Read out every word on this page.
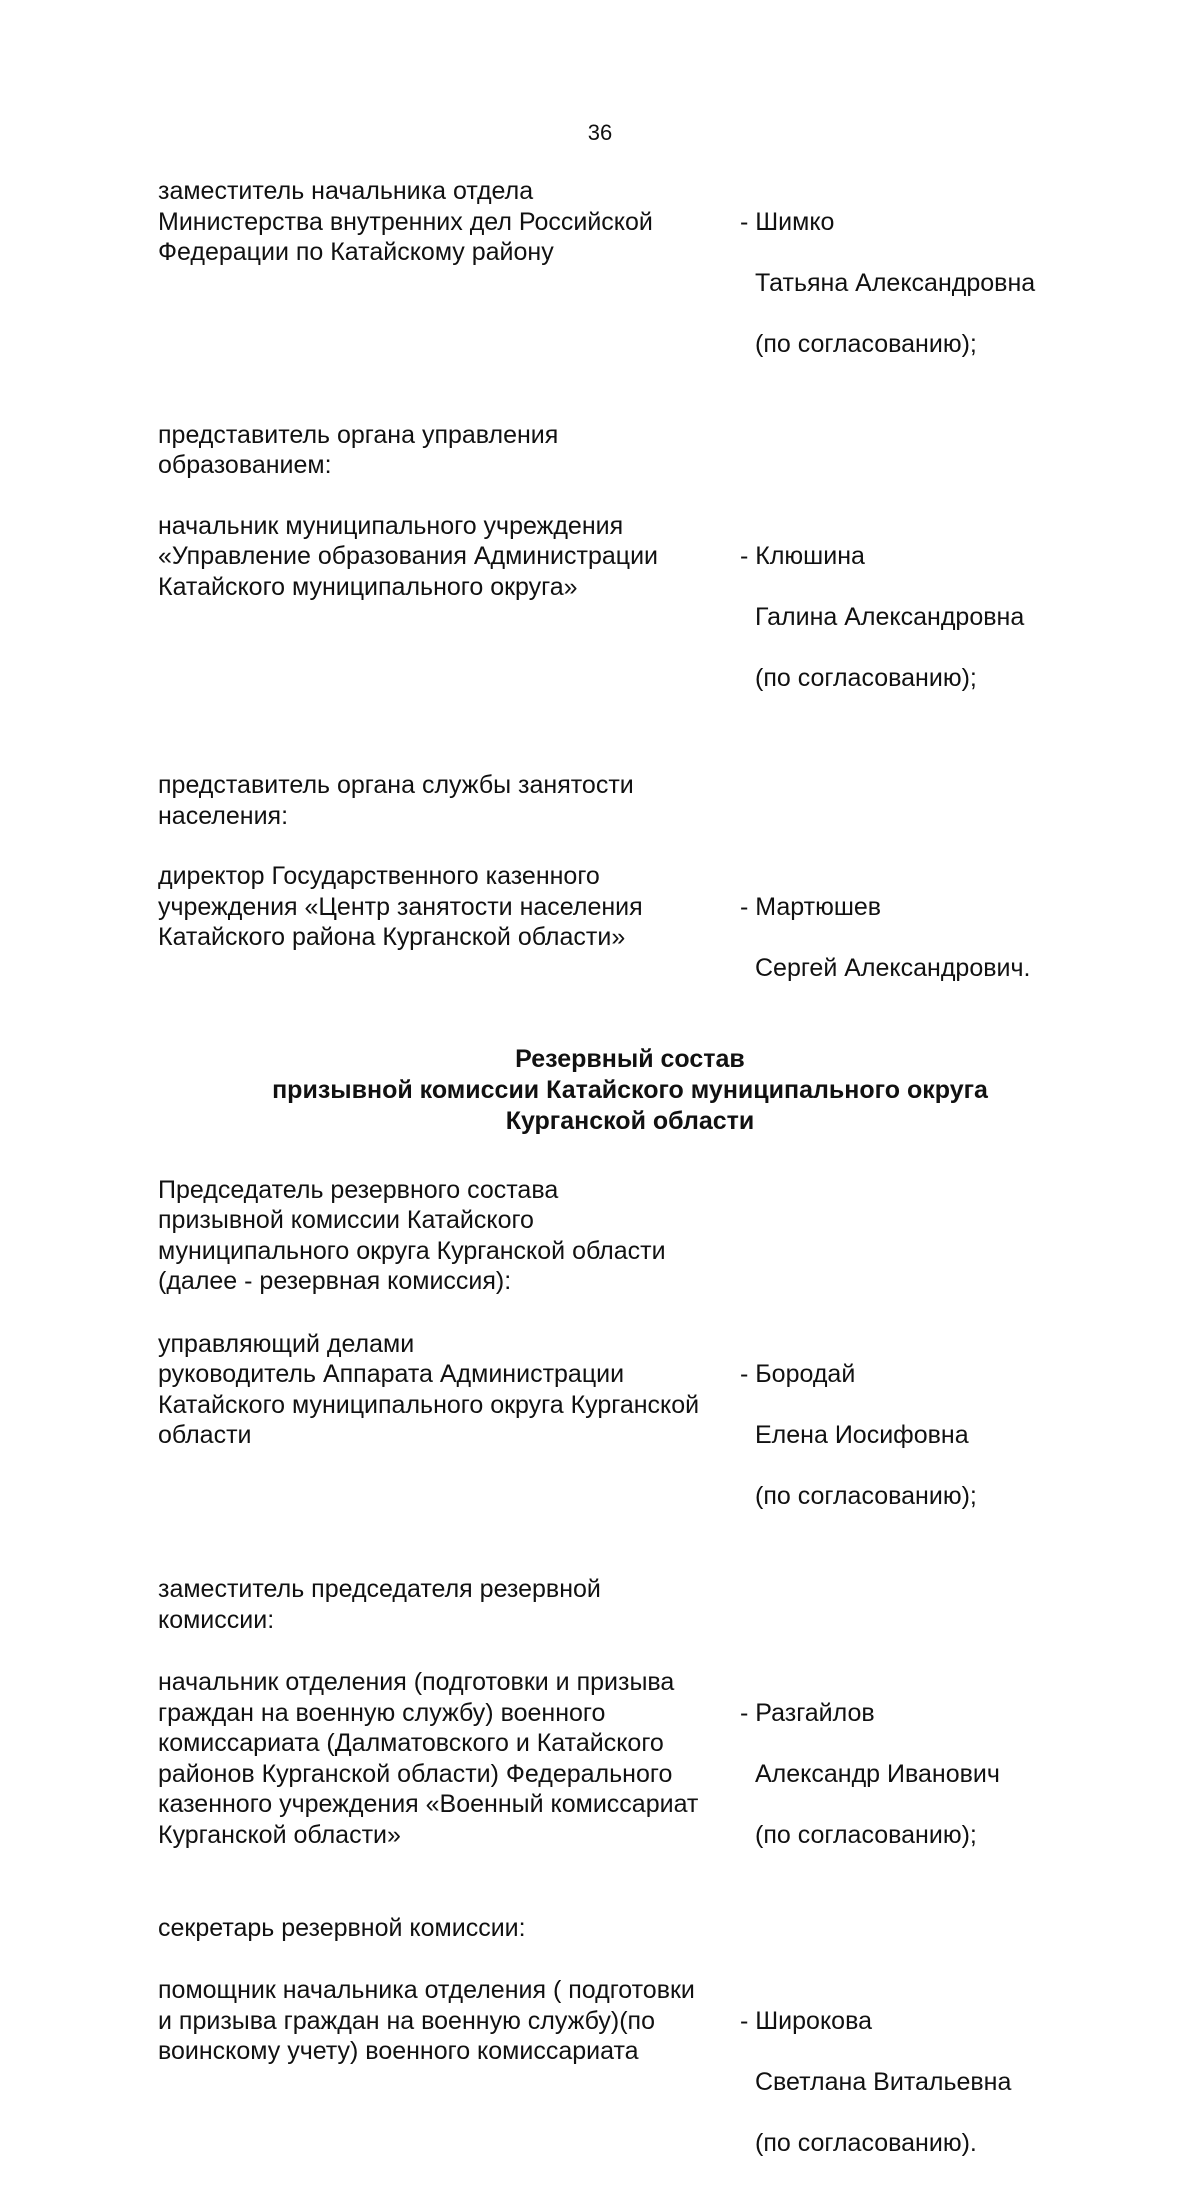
36
заместитель начальника отдела
Министерства внутренних дел Российской
Федерации по Катайскому району

- Шимко

Татьяна Александровна

(по согласованию);

представитель органа управления
образованием:
начальник муниципального учреждения
«Управление образования Администрации
Катайского муниципального округа»

- Клюшина

Галина Александровна

(по согласованию);

представитель органа службы занятости
населения:
директор Государственного казенного
учреждения «Центр занятости населения
Катайского района Курганской области»

- Мартюшев

Сергей Александрович.

Резервный состав
призывной комиссии Катайского муниципального округа
Курганской области
Председатель резервного состава
призывной комиссии Катайского
муниципального округа Курганской области
(далее - резервная комиссия):
управляющий делами
руководитель Аппарата Администрации
Катайского муниципального округа Курганской
области

- Бородай

Елена Иосифовна

(по согласованию);

заместитель председателя резервной
комиссии:
начальник отделения (подготовки и призыва
граждан на военную службу) военного
комиссариата (Далматовского и Катайского
районов Курганской области) Федерального
казенного учреждения «Военный комиссариат
Курганской области»

- Разгайлов

Александр Иванович

(по согласованию);

секретарь резервной комиссии:
помощник начальника отделения ( подготовки
и призыва граждан на военную службу)(по
воинскому учету) военного комиссариата

- Широкова

Светлана Витальевна

(по согласованию).
